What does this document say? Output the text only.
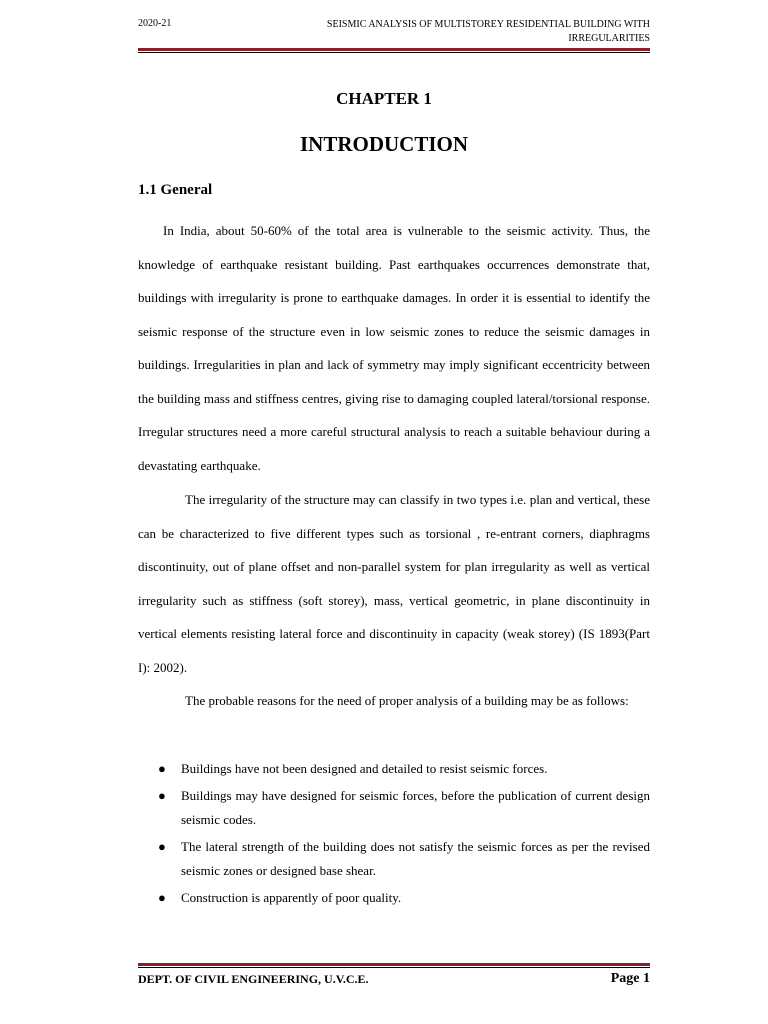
2020-21	SEISMIC ANALYSIS OF MULTISTOREY RESIDENTIAL BUILDING WITH
IRREGULARITIES
CHAPTER 1
INTRODUCTION
1.1 General

In India, about 50-60% of the total area is vulnerable to the seismic activity. Thus, the knowledge of earthquake resistant building. Past earthquakes occurrences demonstrate that, buildings with irregularity is prone to earthquake damages. In order it is essential to identify the seismic response of the structure even in low seismic zones to reduce the seismic damages in buildings. Irregularities in plan and lack of symmetry may imply significant eccentricity between the building mass and stiffness centres, giving rise to damaging coupled lateral/torsional response. Irregular structures need a more careful structural analysis to reach a suitable behaviour during a devastating earthquake.

The irregularity of the structure may can classify in two types i.e. plan and vertical, these can be characterized to five different types such as torsional , re-entrant corners, diaphragms discontinuity, out of plane offset and non-parallel system for plan irregularity as well as vertical irregularity such as stiffness (soft storey), mass, vertical geometric, in plane discontinuity in vertical elements resisting lateral force and discontinuity in capacity (weak storey) (IS 1893(Part I): 2002).

The probable reasons for the need of proper analysis of a building may be as follows:

● Buildings have not been designed and detailed to resist seismic forces.
● Buildings may have designed for seismic forces, before the publication of current design seismic codes.
● The lateral strength of the building does not satisfy the seismic forces as per the revised seismic zones or designed base shear.
● Construction is apparently of poor quality.
DEPT. OF CIVIL ENGINEERING, U.V.C.E.	Page 1
